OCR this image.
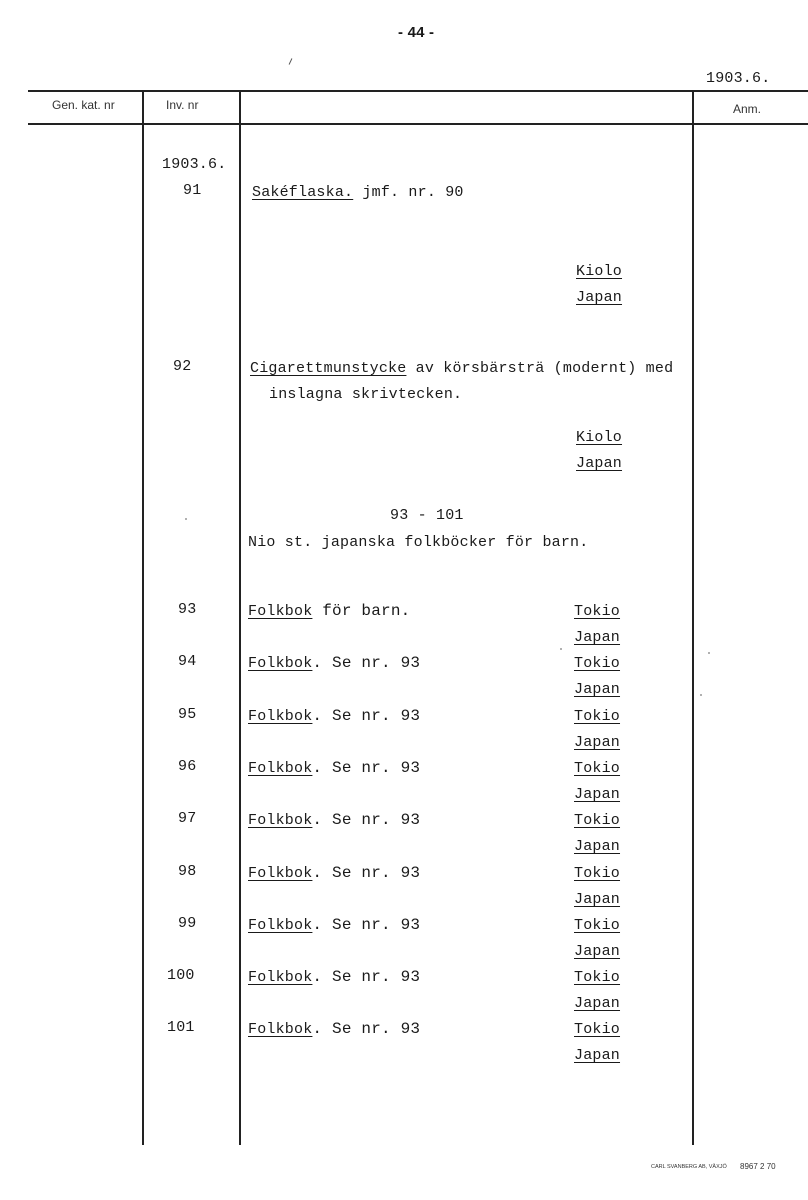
- 44 -
1903.6.
Gen. kat. nr	Inv. nr	Anm.
1903.6.
91	Sakéflaska. jmf. nr. 90
Kiolo
Japan
92	Cigarettmunstycke av körsbärsträ (modernt) med
inslagna skrivtecken.
Kiolo
Japan
93 - 101
Nio st. japanska folkböcker för barn.
93	Folkbok för barn.	Tokio
Japan
94	Folkbok. Se nr. 93	Tokio
Japan
95	Folkbok. Se nr. 93	Tokio
Japan
96	Folkbok. Se nr. 93	Tokio
Japan
97	Folkbok. Se nr. 93	Tokio
Japan
98	Folkbok. Se nr. 93	Tokio
Japan
99	Folkbok. Se nr. 93	Tokio
Japan
100	Folkbok. Se nr. 93	Tokio
Japan
101	Folkbok. Se nr. 93	Tokio
Japan
CARL SVANBERG AB, VÄXJÖ 8967 2 70
